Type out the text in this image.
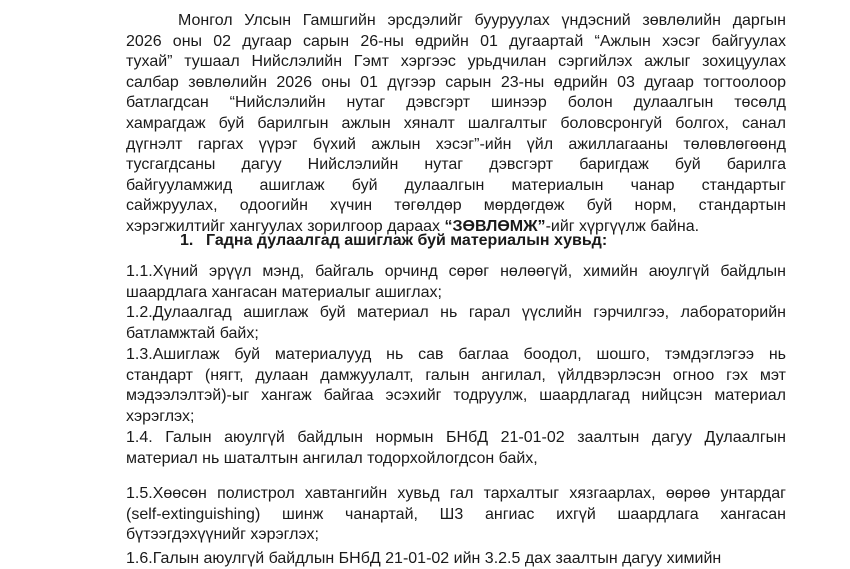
Монгол Улсын Гамшгийн эрсдэлийг бууруулах үндэсний зөвлөлийн даргын
2026 оны 02 дугаар сарын 26-ны өдрийн 01 дугаартай “Ажлын хэсэг байгуулах
тухай” тушаал Нийслэлийн Гэмт хэргээс урьдчилан сэргийлэх ажлыг зохицуулах
салбар зөвлөлийн 2026 оны 01 дүгээр сарын 23-ны өдрийн 03 дугаар тогтоолоор
батлагдсан “Нийслэлийн нутаг дэвсгэрт шинээр болон дулаалгын төсөлд
хамрагдаж буй барилгын ажлын хяналт шалгалтыг боловсронгуй болгох, санал
дүгнэлт гаргах үүрэг бүхий ажлын хэсэг”-ийн үйл ажиллагааны төлөвлөгөөнд
тусгагдсаны дагуу Нийслэлийн нутаг дэвсгэрт баригдаж буй барилга
байгууламжид ашиглаж буй дулаалгын материалын чанар стандартыг
сайжруулах, одоогийн хүчин төгөлдөр мөрдөгдөж буй норм, стандартын
хэрэгжилтийг хангуулах зорилгоор дараах “ЗӨВЛӨМЖ”-ийг хүргүүлж байна.

1. Гадна дулаалгад ашиглаж буй материалын хувьд:

1.1.Хүний эрүүл мэнд, байгаль орчинд сөрөг нөлөөгүй, химийн аюулгүй байдлын
шаардлага хангасан материалыг ашиглах;
1.2.Дулаалгад ашиглаж буй материал нь гарал үүслийн гэрчилгээ, лабораторийн
батламжтай байх;
1.3.Ашиглаж буй материалууд нь сав баглаа боодол, шошго, тэмдэглэгээ нь
стандарт (нягт, дулаан дамжуулалт, галын ангилал, үйлдвэрлэсэн огноо гэх мэт
мэдээлэлтэй)-ыг хангаж байгаа эсэхийг тодруулж, шаардлагад нийцсэн материал
хэрэглэх;
1.4. Галын аюулгүй байдлын нормын БНбД 21-01-02 заалтын дагуу Дулаалгын
материал нь шаталтын ангилал тодорхойлогдсон байх,
1.5.Хөөсөн полистрол хавтангийн хувьд гал тархалтыг хязгаарлах, өөрөө унтардаг
(self-extinguishing) шинж чанартай, Ш3 ангиас ихгүй шаардлага хангасан
бүтээгдэхүүнийг хэрэглэх;
1.6.Галын аюулгүй байдлын БНбД 21-01-02 ийн 3.2.5 дах заалтын дагуу химийн
